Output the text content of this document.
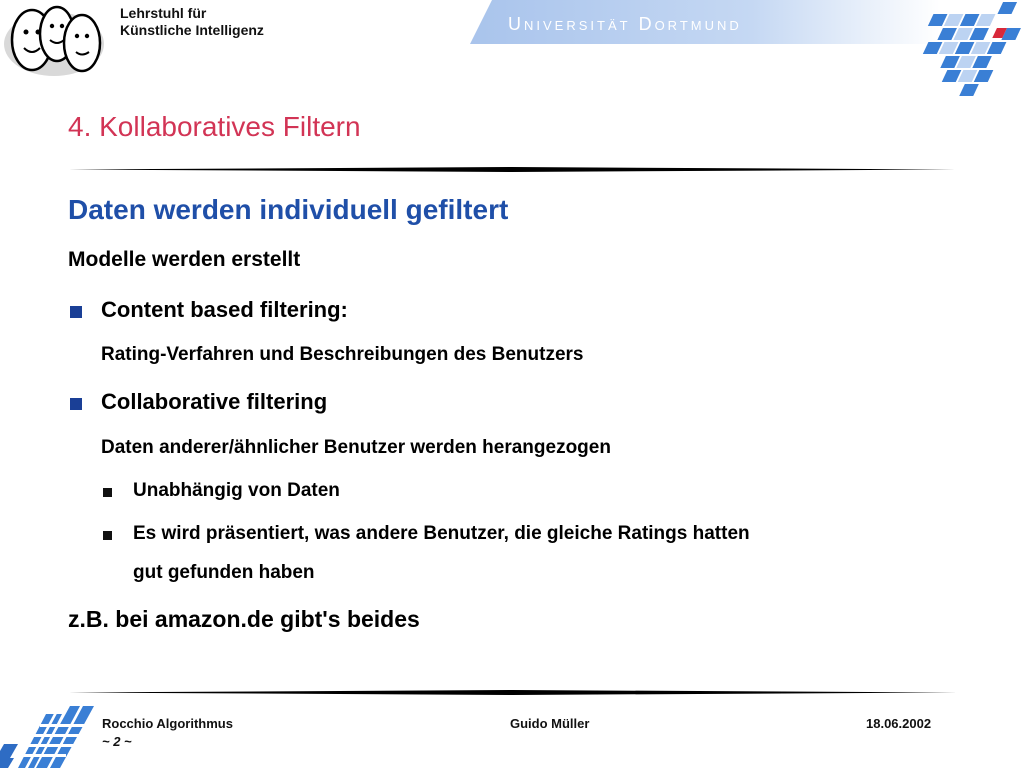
Lehrstuhl für
Künstliche Intelligenz	Universität Dortmund
4. Kollaboratives Filtern
Daten werden individuell gefiltert
Modelle werden erstellt
Content based filtering:
Rating-Verfahren und Beschreibungen des Benutzers
Collaborative filtering
Daten anderer/ähnlicher Benutzer werden herangezogen
Unabhängig von Daten
Es wird präsentiert, was andere Benutzer, die gleiche Ratings hatten
gut gefunden haben
z.B. bei amazon.de gibt's beides
Rocchio Algorithmus	Guido Müller	18.06.2002
~ 2 ~
